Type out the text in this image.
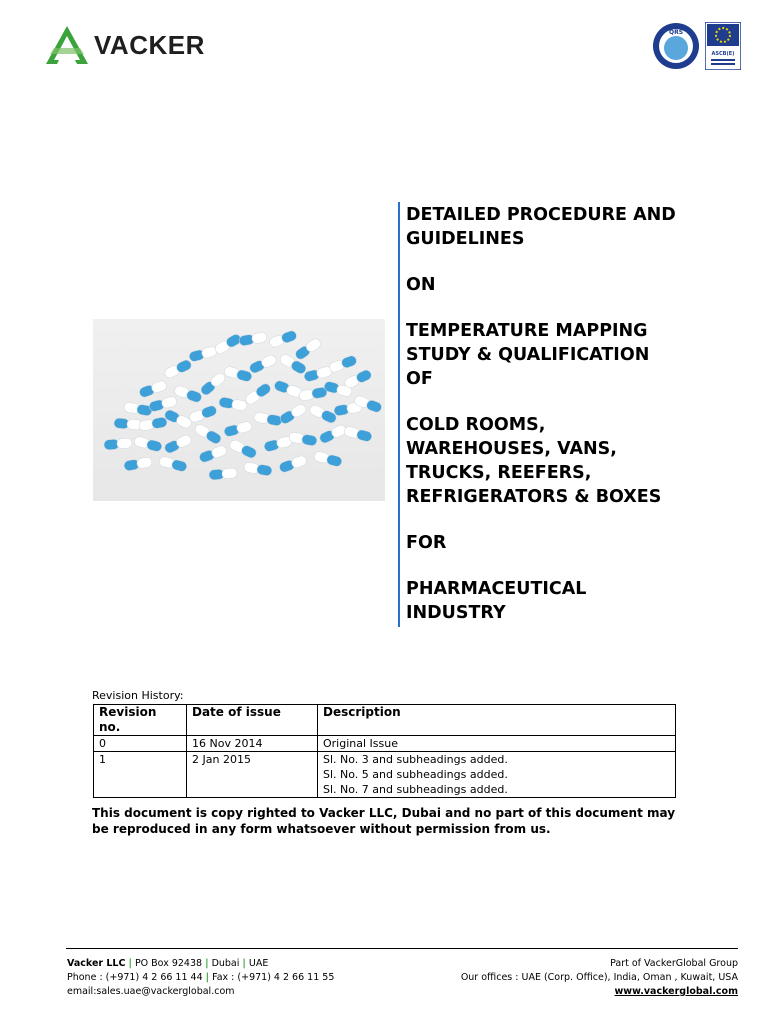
VACKER	QRS
ASCB(E)
DETAILED PROCEDURE AND
GUIDELINES
ON
TEMPERATURE MAPPING
STUDY & QUALIFICATION
OF
COLD ROOMS,
WAREHOUSES, VANS,
TRUCKS, REEFERS,
REFRIGERATORS & BOXES
FOR
PHARMACEUTICAL
INDUSTRY
Revision History:
Revision no.	Date of issue	Description
0	16 Nov 2014	Original Issue

1	2 Jan 2015	Sl. No. 3 and subheadings added.
Sl. No. 5 and subheadings added.
Sl. No. 7 and subheadings added.
This document is copy righted to Vacker LLC, Dubai and no part of this document may be reproduced in any form whatsoever without permission from us.
Vacker LLC | PO Box 92438 | Dubai | UAE
Phone : (+971) 4 2 66 11 44 | Fax : (+971) 4 2 66 11 55
email:sales.uae@vackerglobal.com
Part of VackerGlobal Group
Our offices : UAE (Corp. Office), India, Oman , Kuwait, USA
www.vackerglobal.com
